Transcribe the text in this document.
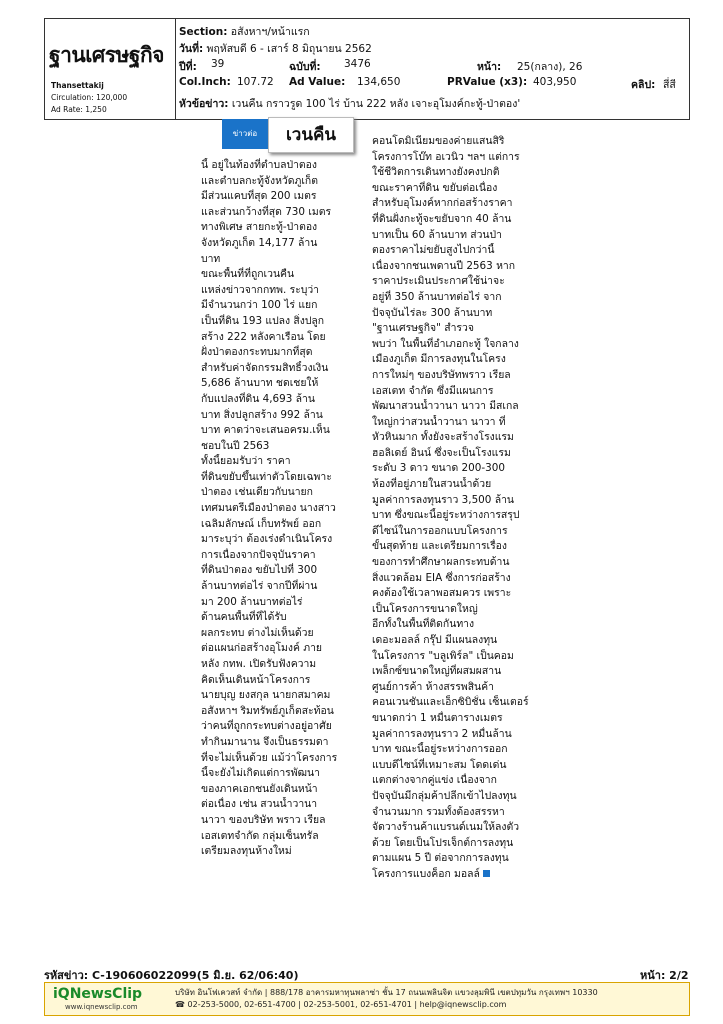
ฐานเศรษฐกิจ
Thansettakij
Circulation: 120,000
Ad Rate: 1,250
Section: อสังหาฯ/หน้าแรก
วันที่: พฤหัสบดี 6 - เสาร์ 8 มิถุนายน 2562
ปีที่: 39	ฉบับที่: 3476	หน้า: 25(กลาง), 26
Col.Inch: 107.72 Ad Value: 134,650	PRValue (x3): 403,950	คลิป: สี่สี
หัวข้อข่าว: เวนคืน กราวรูด 100 ไร่ บ้าน 222 หลัง เจาะอุโมงค์กะทู้-ป่าตอง'
ข่าวต่อ	เวนคืน

นี้ อยู่ในท้องที่ตำบลป่าตอง

และตำบลกะทู้จังหวัดภูเก็ต

มีส่วนแคบที่สุด 200 เมตร

และส่วนกว้างที่สุด 730 เมตร

ทางพิเศษ สายกะทู้-ป่าตอง

จังหวัดภูเก็ต 14,177 ล้าน

บาท

ขณะพื้นที่ที่ถูกเวนคืน

แหล่งข่าวจากกทพ. ระบุว่า

มีจำนวนกว่า 100 ไร่ แยก

เป็นที่ดิน 193 แปลง สิ่งปลูก

สร้าง 222 หลังคาเรือน โดย

ฝั่งป่าตองกระทบมากที่สุด

สำหรับค่าจัดกรรมสิทธิ์วงเงิน

5,686 ล้านบาท ชดเชยให้

กับแปลงที่ดิน 4,693 ล้าน

บาท สิ่งปลูกสร้าง 992 ล้าน

บาท คาดว่าจะเสนอครม.เห็น

ชอบในปี 2563

ทั้งนี้ยอมรับว่า ราคา

ที่ดินขยับขึ้นเท่าตัวโดยเฉพาะ

ป่าตอง เช่นเดียวกับนายก

เทศมนตรีเมืองป่าตอง นางสาว

เฉลิมลักษณ์ เก็บทรัพย์ ออก

มาระบุว่า ต้องเร่งดำเนินโครง

การเนื่องจากปัจจุบันราคา

ที่ดินป่าตอง ขยับไปที่ 300

ล้านบาทต่อไร่ จากปีที่ผ่าน

มา 200 ล้านบาทต่อไร่

ด้านคนพื้นที่ที่ได้รับ

ผลกระทบ ต่างไม่เห็นด้วย

ต่อแผนก่อสร้างอุโมงค์ ภาย

หลัง กทพ. เปิดรับฟังความ

คิดเห็นเดินหน้าโครงการ

นายบุญ ยงสกุล นายกสมาคม

อสังหาฯ ริมทรัพย์ภูเก็ตสะท้อน

ว่าคนที่ถูกกระทบต่างอยู่อาศัย

ทำกินมานาน จึงเป็นธรรมดา

ที่จะไม่เห็นด้วย แม้ว่าโครงการ

นี้จะยังไม่เกิดแต่การพัฒนา

ของภาคเอกชนยังเดินหน้า

ต่อเนื่อง เช่น สวนน้ำวานา

นาวา ของบริษัท พราว เรียล

เอสเตทจำกัด กลุ่มเซ็นทรัล

เตรียมลงทุนห้างใหม่

คอนโดมิเนียมของค่ายแสนสิริ

โครงการโบ๊ท อเวนิว ฯลฯ แต่การ

ใช้ชีวิตการเดินทางยังคงปกติ

ขณะราคาที่ดิน ขยับต่อเนื่อง

สำหรับอุโมงค์หากก่อสร้างราคา

ที่ดินฝั่งกะทู้จะขยับจาก 40 ล้าน

บาทเป็น 60 ล้านบาท ส่วนป่า

ตองราคาไม่ขยับสูงไปกว่านี้

เนื่องจากชนเพดานปี 2563 หาก

ราคาประเมินประกาศใช้น่าจะ

อยู่ที่ 350 ล้านบาทต่อไร่ จาก

ปัจจุบันไร่ละ 300 ล้านบาท

"ฐานเศรษฐกิจ" สำรวจ

พบว่า ในพื้นที่อำเภอกะทู้ ใจกลาง

เมืองภูเก็ต มีการลงทุนในโครง

การใหม่ๆ ของบริษัทพราว เรียล

เอสเตท จำกัด ซึ่งมีแผนการ

พัฒนาสวนน้ำวานา นาวา มีสเกล

ใหญ่กว่าสวนน้ำวานา นาวา ที่

หัวหินมาก ทั้งยังจะสร้างโรงแรม

ฮอลิเดย์ อินน์ ซึ่งจะเป็นโรงแรม

ระดับ 3 ดาว ขนาด 200-300

ห้องที่อยู่ภายในสวนน้ำด้วย

มูลค่าการลงทุนราว 3,500 ล้าน

บาท ซึ่งขณะนี้อยู่ระหว่างการสรุป

ดีไซน์ในการออกแบบโครงการ

ขั้นสุดท้าย และเตรียมการเรื่อง

ของการทำศึกษาผลกระทบด้าน

สิ่งแวดล้อม EIA ซึ่งการก่อสร้าง

คงต้องใช้เวลาพอสมควร เพราะ

เป็นโครงการขนาดใหญ่

อีกทั้งในพื้นที่ติดกันทาง

เดอะมอลล์ กรุ๊ป มีแผนลงทุน

ในโครงการ "บลูเพิร์ล" เป็นคอม

เพล็กซ์ขนาดใหญ่ที่ผสมผสาน

ศูนย์การค้า ห้างสรรพสินค้า

คอนเวนชันและเอ็กซิบิชั่น เซ็นเตอร์

ขนาดกว่า 1 หมื่นตารางเมตร

มูลค่าการลงทุนราว 2 หมื่นล้าน

บาท ขณะนี้อยู่ระหว่างการออก

แบบดีไซน์ที่เหมาะสม โดดเด่น

แตกต่างจากคู่แข่ง เนื่องจาก

ปัจจุบันมีกลุ่มค้าปลีกเข้าไปลงทุน

จำนวนมาก รวมทั้งต้องสรรหา

จัดวางร้านค้าแบรนด์เนมให้ลงตัว

ด้วย โดยเป็นโปรเจ็กต์การลงทุน

ตามแผน 5 ปี ต่อจากการลงทุน

โครงการแบงค็อก มอลล์

รหัสข่าว: C-190606022099(5 มิ.ย. 62/06:40)	หน้า: 2/2
iQNewsClip
www.iqnewsclip.com
บริษัท อินโฟเควสท์ จำกัด | 888/178 อาคารมหาทุนพลาซ่า ชั้น 17 ถนนเพลินจิต แขวงลุมพินี เขตปทุมวัน กรุงเทพฯ 10330
☎ 02-253-5000, 02-651-4700 | 02-253-5001, 02-651-4701 | help@iqnewsclip.com
